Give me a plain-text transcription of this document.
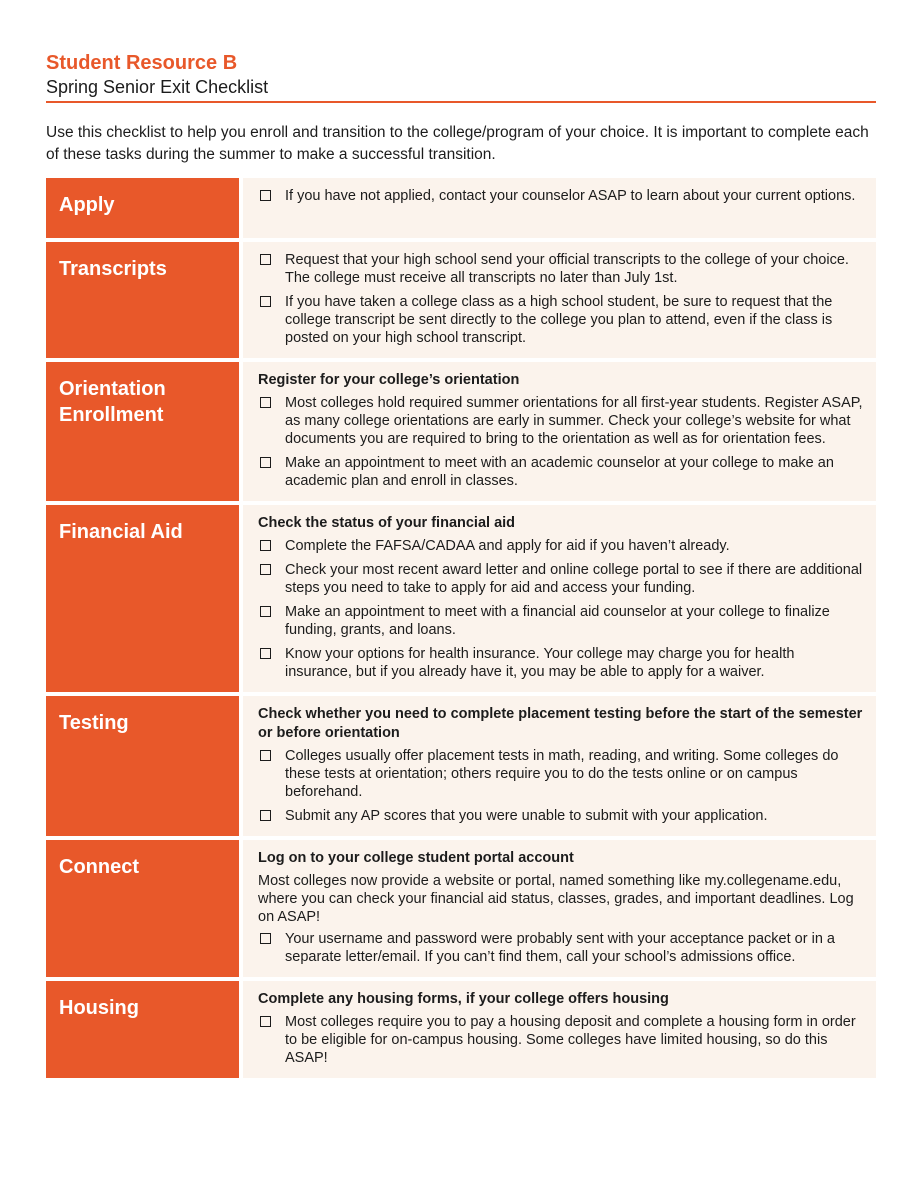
Student Resource B
Spring Senior Exit Checklist
Use this checklist to help you enroll and transition to the college/program of your choice. It is important to complete each of these tasks during the summer to make a successful transition.
Apply	If you have not applied, contact your counselor ASAP to learn about your current options.

Transcripts	Request that your high school send your official transcripts to the college of your choice. The college must receive all transcripts no later than July 1st.
If you have taken a college class as a high school student, be sure to request that the college transcript be sent directly to the college you plan to attend, even if the class is posted on your high school transcript.

Orientation Enrollment	Register for your college’s orientation
Most colleges hold required summer orientations for all first-year students. Register ASAP, as many college orientations are early in summer. Check your college’s website for what documents you are required to bring to the orientation as well as for orientation fees.
Make an appointment to meet with an academic counselor at your college to make an academic plan and enroll in classes.

Financial Aid	Check the status of your financial aid
Complete the FAFSA/CADAA and apply for aid if you haven’t already.
Check your most recent award letter and online college portal to see if there are additional steps you need to take to apply for aid and access your funding.
Make an appointment to meet with a financial aid counselor at your college to finalize funding, grants, and loans.
Know your options for health insurance. Your college may charge you for health insurance, but if you already have it, you may be able to apply for a waiver.

Testing	Check whether you need to complete placement testing before the start of the semester or before orientation
Colleges usually offer placement tests in math, reading, and writing. Some colleges do these tests at orientation; others require you to do the tests online or on campus beforehand.
Submit any AP scores that you were unable to submit with your application.

Connect	Log on to your college student portal account
Most colleges now provide a website or portal, named something like my.collegename.edu, where you can check your financial aid status, classes, grades, and important deadlines. Log on ASAP!
Your username and password were probably sent with your acceptance packet or in a separate letter/email. If you can’t find them, call your school’s admissions office.

Housing	Complete any housing forms, if your college offers housing
Most colleges require you to pay a housing deposit and complete a housing form in order to be eligible for on-campus housing. Some colleges have limited housing, so do this ASAP!
